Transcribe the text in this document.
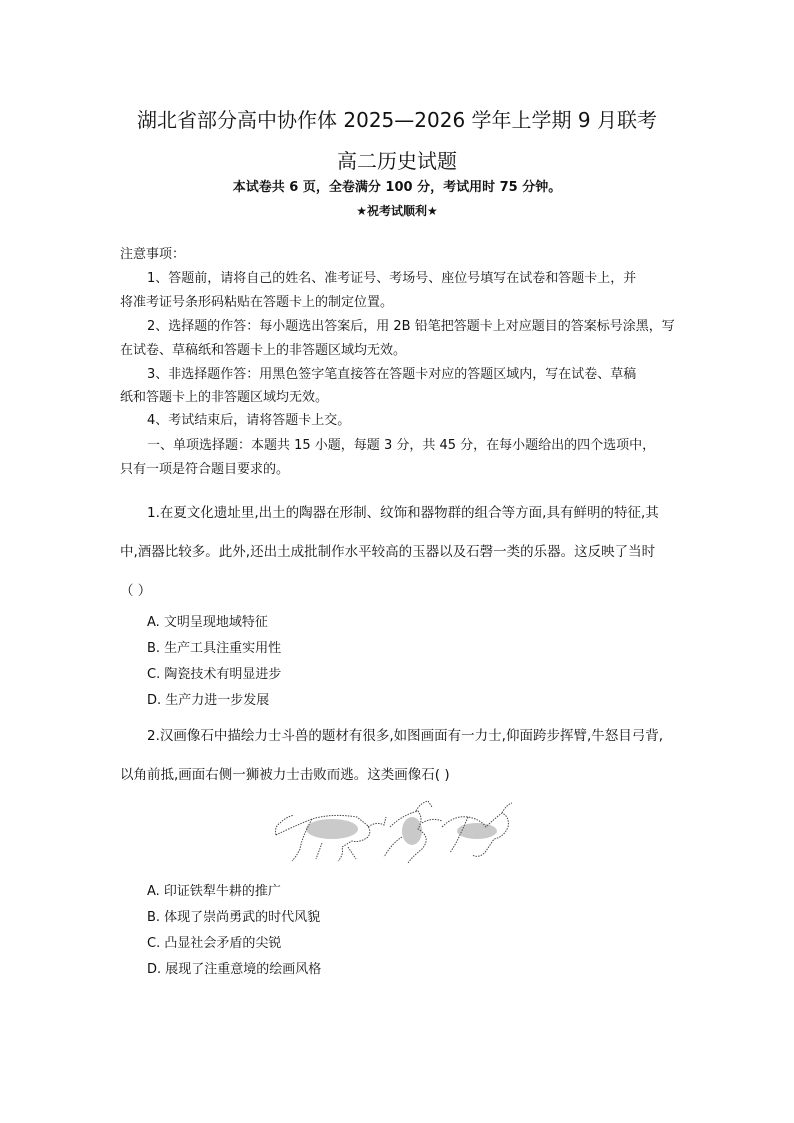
湖北省部分高中协作体 2025—2026 学年上学期 9 月联考
高二历史试题
本试卷共 6 页，全卷满分 100 分，考试用时 75 分钟。
★祝考试顺利★
注意事项：
1、答题前，请将自己的姓名、准考证号、考场号、座位号填写在试卷和答题卡上，并
将准考证号条形码粘贴在答题卡上的制定位置。
2、选择题的作答：每小题选出答案后，用 2B 铅笔把答题卡上对应题目的答案标号涂黑，写
在试卷、草稿纸和答题卡上的非答题区域均无效。
3、非选择题作答：用黑色签字笔直接答在答题卡对应的答题区域内，写在试卷、草稿
纸和答题卡上的非答题区域均无效。
4、考试结束后，请将答题卡上交。
一、单项选择题：本题共 15 小题，每题 3 分，共 45 分，在每小题给出的四个选项中，
只有一项是符合题目要求的。
1.在夏文化遗址里,出土的陶器在形制、纹饰和器物群的组合等方面,具有鲜明的特征,其
中,酒器比较多。此外,还出土成批制作水平较高的玉器以及石磬一类的乐器。这反映了当时
（ ）
A. 文明呈现地域特征
B. 生产工具注重实用性
C. 陶瓷技术有明显进步
D. 生产力进一步发展
2.汉画像石中描绘力士斗兽的题材有很多,如图画面有一力士,仰面跨步挥臂,牛怒目弓背,
以角前抵,画面右侧一狮被力士击败而逃。这类画像石( )
A. 印证铁犁牛耕的推广
B. 体现了崇尚勇武的时代风貌
C. 凸显社会矛盾的尖锐
D. 展现了注重意境的绘画风格
